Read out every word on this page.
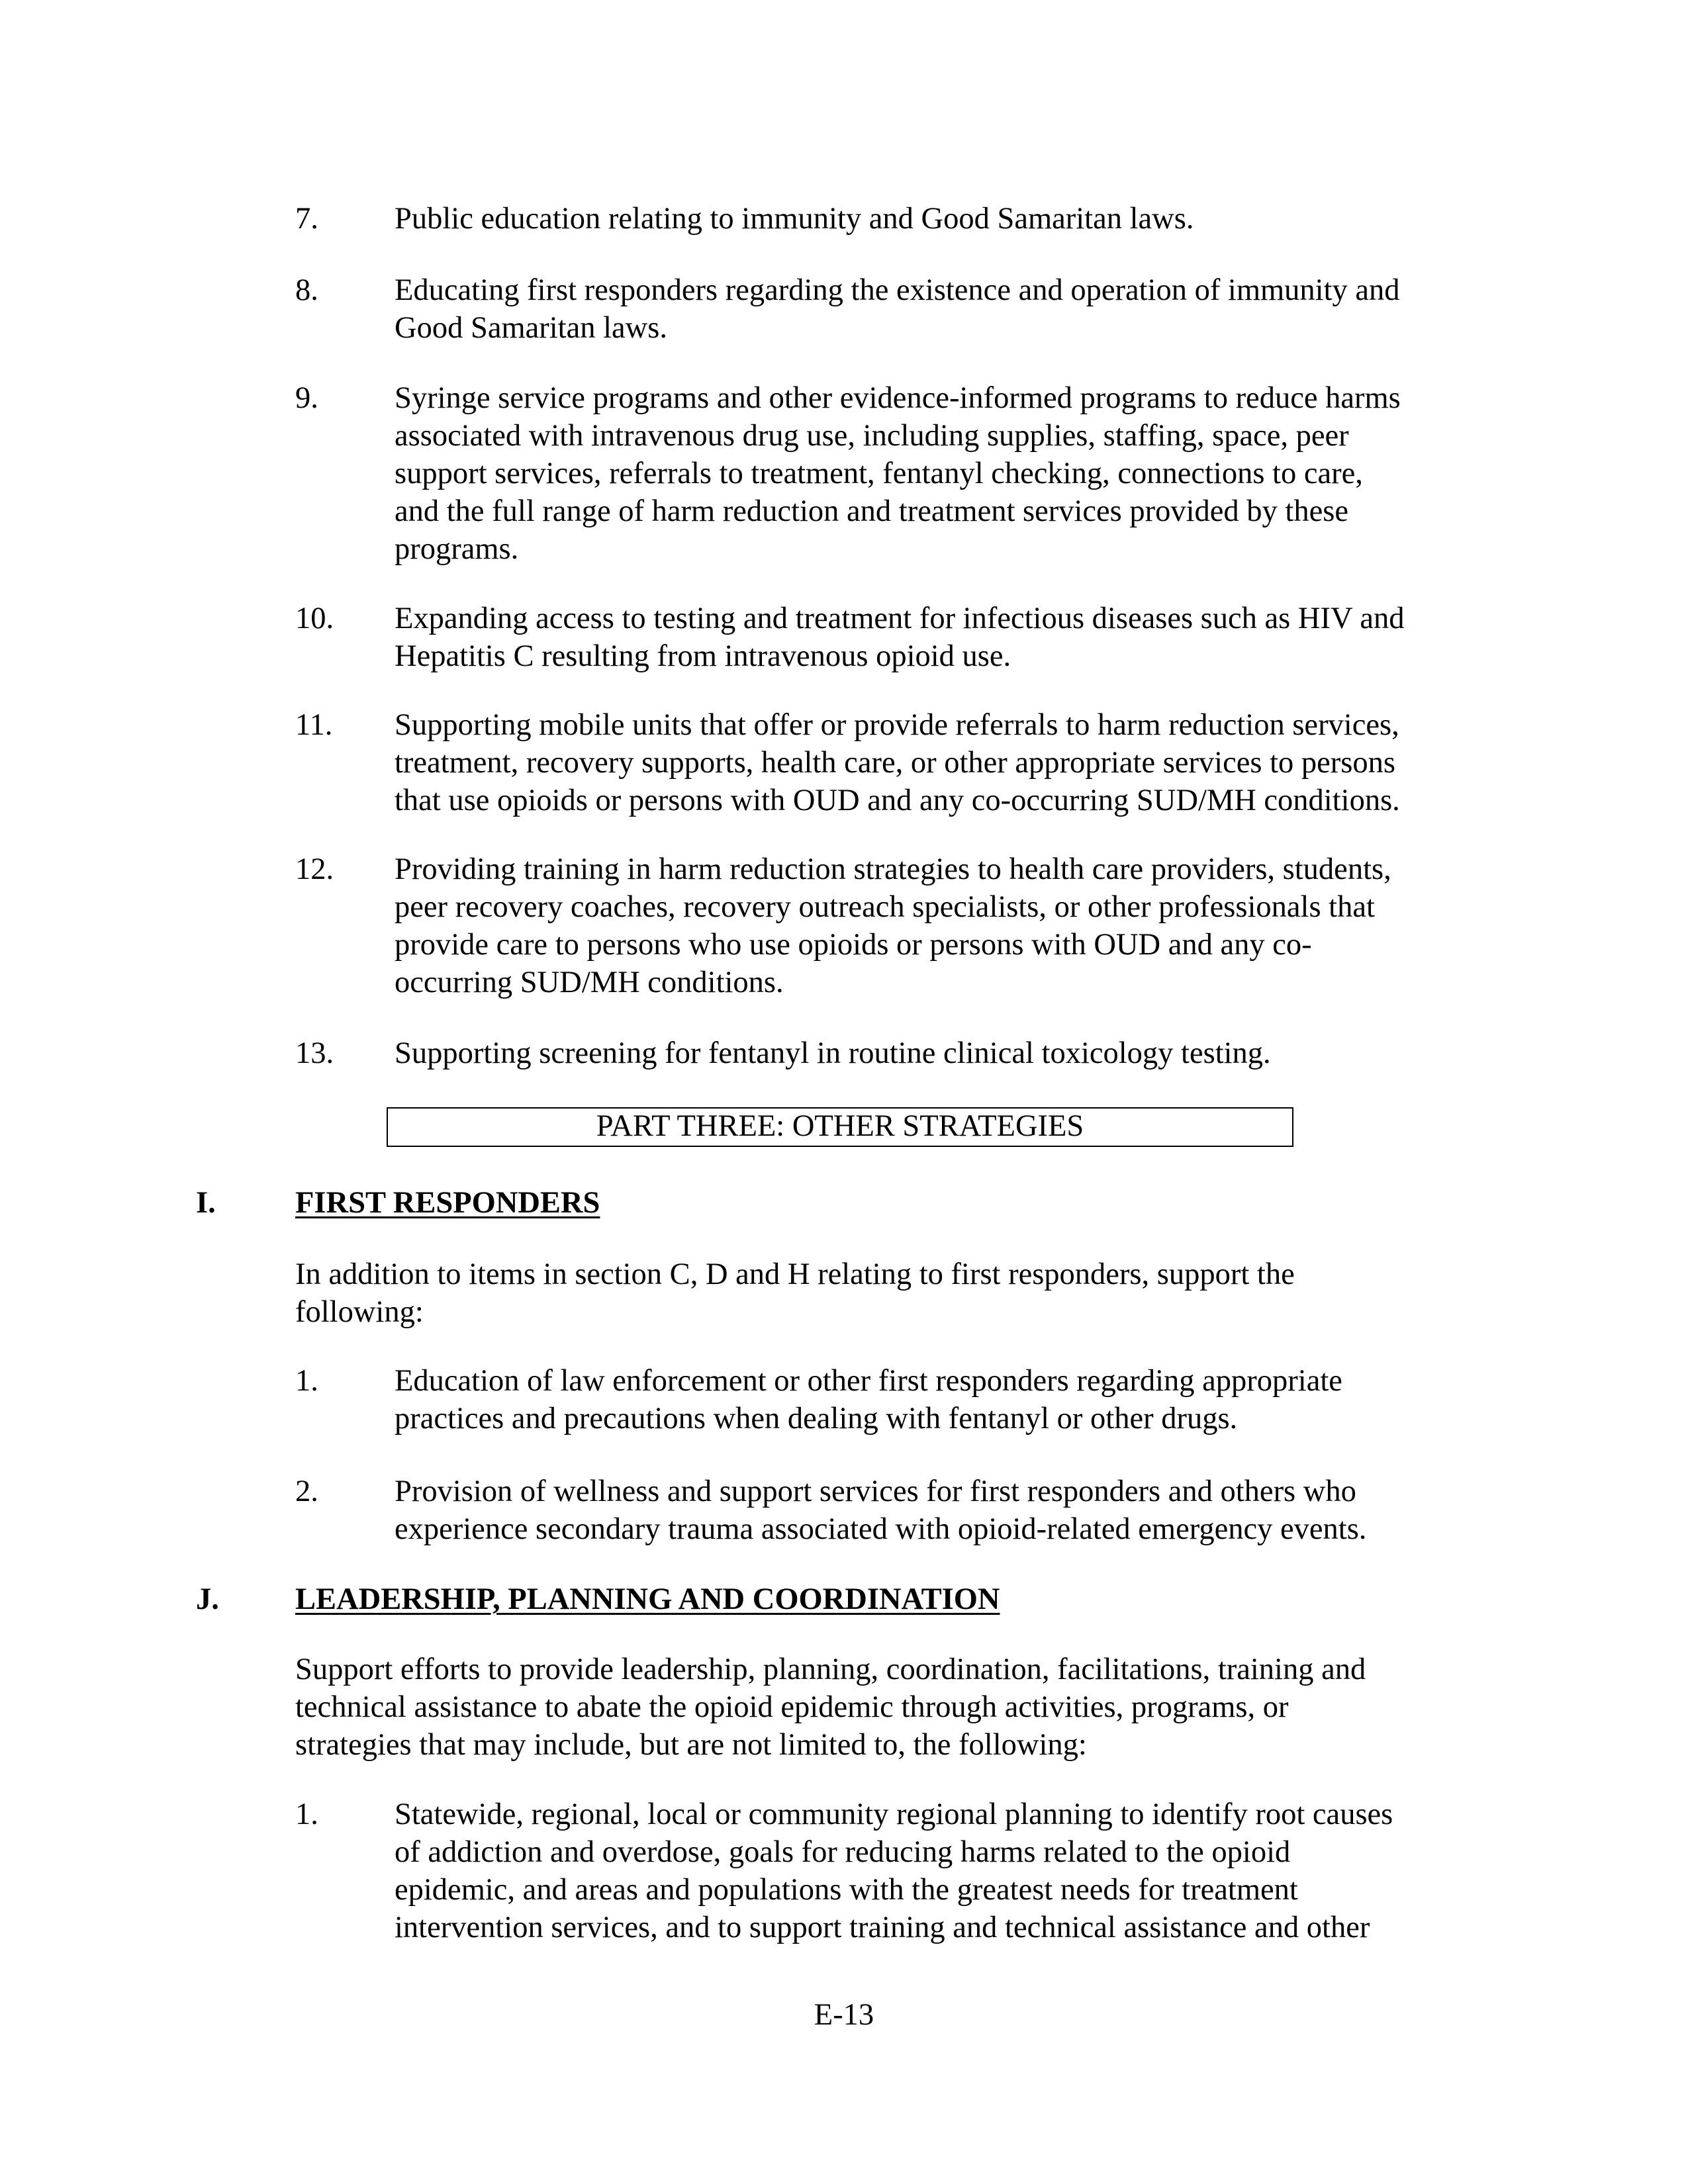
7. Public education relating to immunity and Good Samaritan laws.
8. Educating first responders regarding the existence and operation of immunity and
Good Samaritan laws.
9. Syringe service programs and other evidence-informed programs to reduce harms
associated with intravenous drug use, including supplies, staffing, space, peer
support services, referrals to treatment, fentanyl checking, connections to care,
and the full range of harm reduction and treatment services provided by these
programs.
10. Expanding access to testing and treatment for infectious diseases such as HIV and
Hepatitis C resulting from intravenous opioid use.
11. Supporting mobile units that offer or provide referrals to harm reduction services,
treatment, recovery supports, health care, or other appropriate services to persons
that use opioids or persons with OUD and any co-occurring SUD/MH conditions.
12. Providing training in harm reduction strategies to health care providers, students,
peer recovery coaches, recovery outreach specialists, or other professionals that
provide care to persons who use opioids or persons with OUD and any co-
occurring SUD/MH conditions.
13. Supporting screening for fentanyl in routine clinical toxicology testing.
PART THREE: OTHER STRATEGIES
I.	FIRST RESPONDERS
In addition to items in section C, D and H relating to first responders, support the
following:
1. Education of law enforcement or other first responders regarding appropriate
practices and precautions when dealing with fentanyl or other drugs.
2. Provision of wellness and support services for first responders and others who
experience secondary trauma associated with opioid-related emergency events.
J. LEADERSHIP, PLANNING AND COORDINATION
Support efforts to provide leadership, planning, coordination, facilitations, training and
technical assistance to abate the opioid epidemic through activities, programs, or
strategies that may include, but are not limited to, the following:
1. Statewide, regional, local or community regional planning to identify root causes
of addiction and overdose, goals for reducing harms related to the opioid
epidemic, and areas and populations with the greatest needs for treatment
intervention services, and to support training and technical assistance and other
E-13
